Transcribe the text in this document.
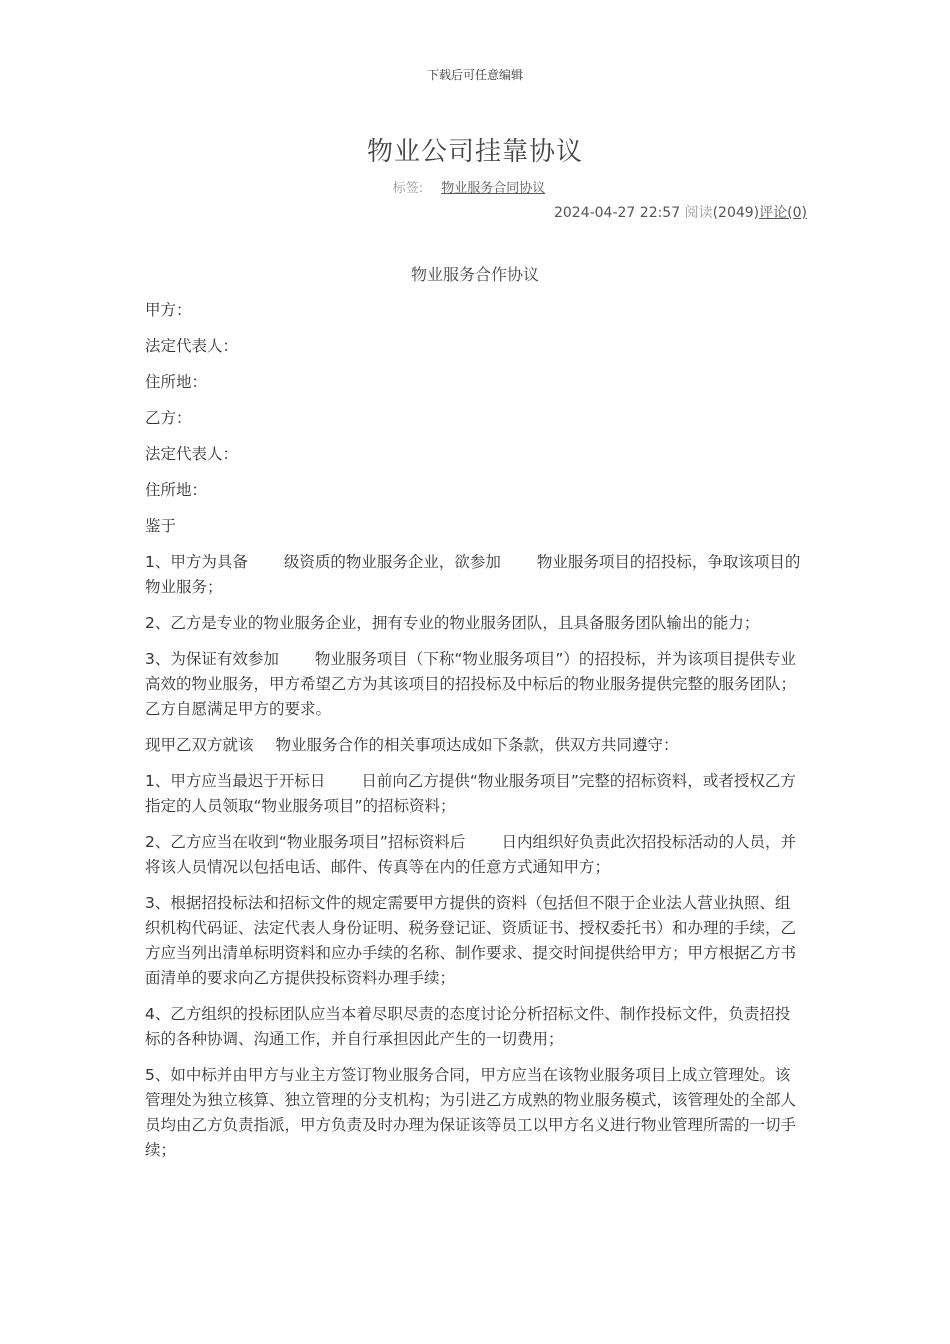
下载后可任意编辑
物业公司挂靠协议
标签: 物业服务合同协议
2024-04-27 22:57 阅读(2049)评论(0)
物业服务合作协议

甲方：

法定代表人：

住所地：

乙方：

法定代表人：

住所地：

鉴于

1、甲方为具备 级资质的物业服务企业，欲参加 物业服务项目的招投标，争取该项目的物业服务；

2、乙方是专业的物业服务企业，拥有专业的物业服务团队，且具备服务团队输出的能力；

3、为保证有效参加 物业服务项目（下称“物业服务项目”）的招投标，并为该项目提供专业高效的物业服务，甲方希望乙方为其该项目的招投标及中标后的物业服务提供完整的服务团队；乙方自愿满足甲方的要求。

现甲乙双方就该 物业服务合作的相关事项达成如下条款，供双方共同遵守：

1、甲方应当最迟于开标日 日前向乙方提供“物业服务项目”完整的招标资料，或者授权乙方指定的人员领取“物业服务项目”的招标资料；

2、乙方应当在收到“物业服务项目”招标资料后 日内组织好负责此次招投标活动的人员，并将该人员情况以包括电话、邮件、传真等在内的任意方式通知甲方；

3、根据招投标法和招标文件的规定需要甲方提供的资料（包括但不限于企业法人营业执照、组织机构代码证、法定代表人身份证明、税务登记证、资质证书、授权委托书）和办理的手续，乙方应当列出清单标明资料和应办手续的名称、制作要求、提交时间提供给甲方；甲方根据乙方书面清单的要求向乙方提供投标资料办理手续；

4、乙方组织的投标团队应当本着尽职尽责的态度讨论分析招标文件、制作投标文件，负责招投标的各种协调、沟通工作，并自行承担因此产生的一切费用；

5、如中标并由甲方与业主方签订物业服务合同，甲方应当在该物业服务项目上成立管理处。该管理处为独立核算、独立管理的分支机构；为引进乙方成熟的物业服务模式，该管理处的全部人员均由乙方负责指派，甲方负责及时办理为保证该等员工以甲方名义进行物业管理所需的一切手续；
